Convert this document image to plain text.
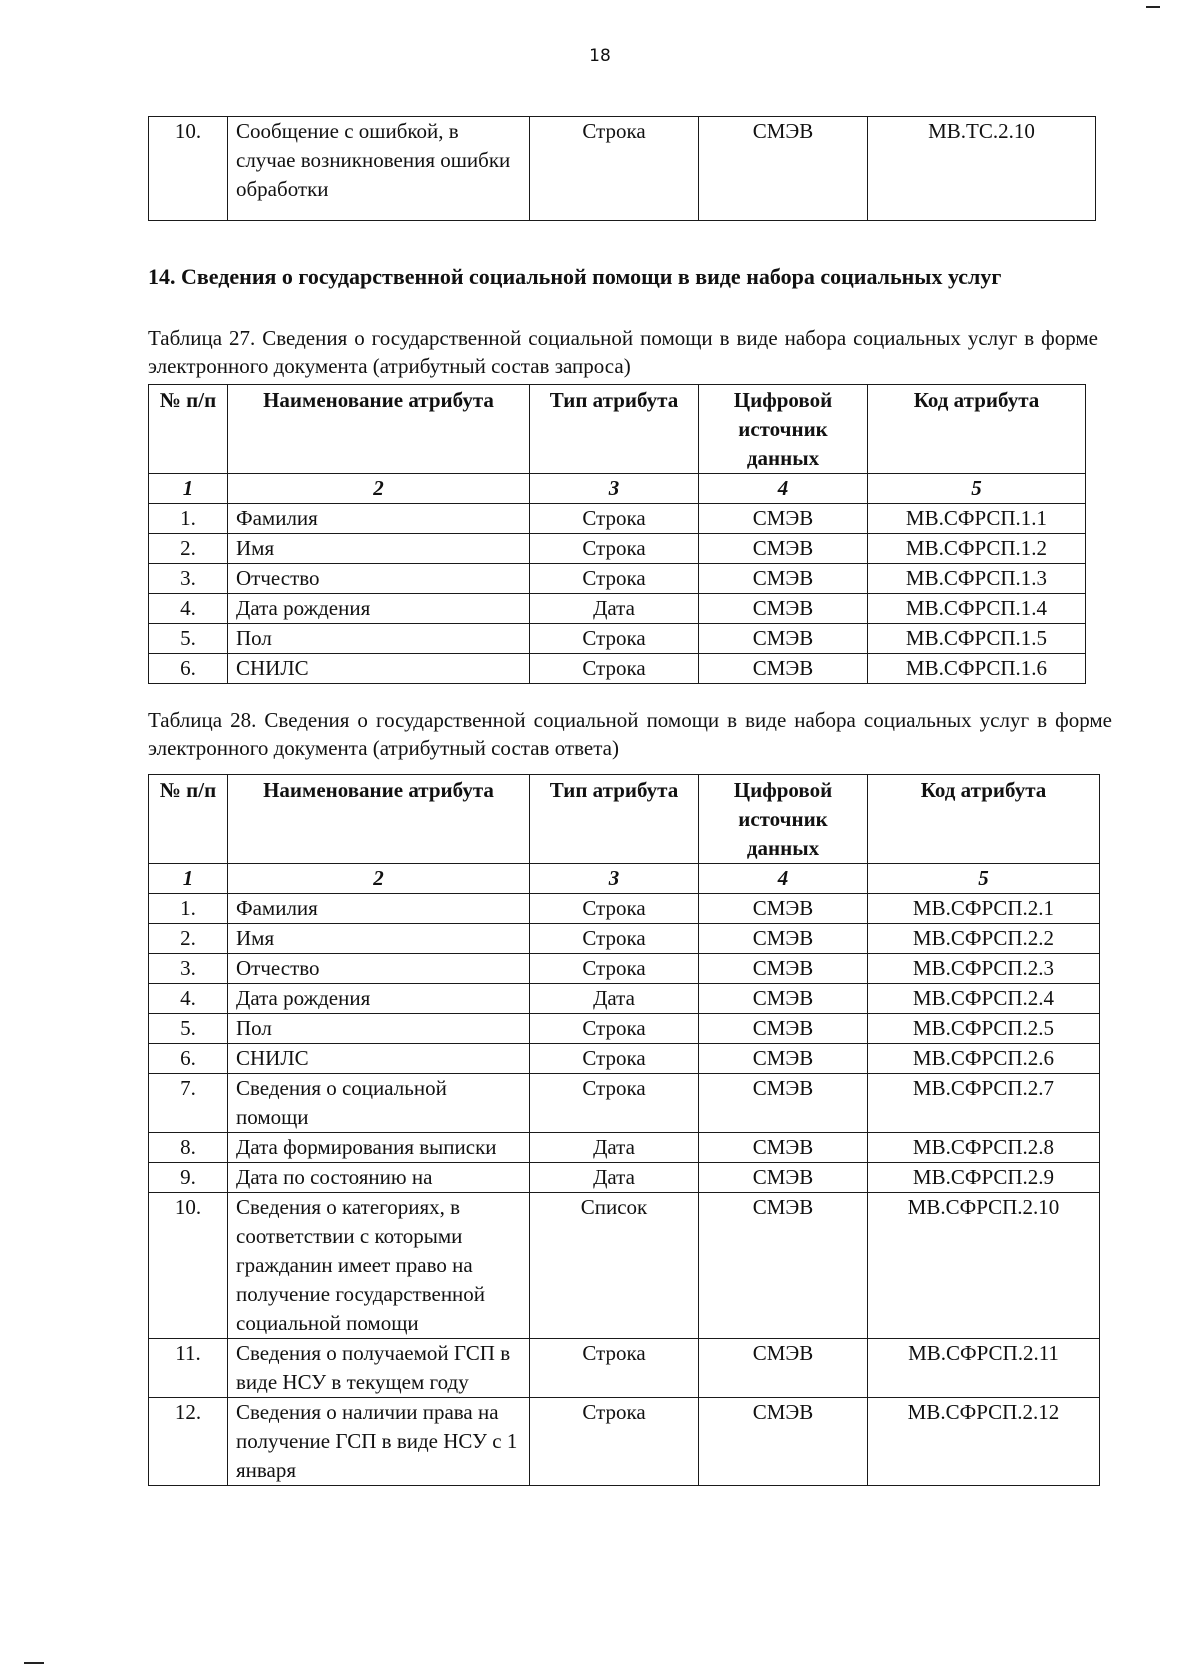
18
10.	Сообщение с ошибкой, в случае возникновения ошибки обработки	Строка	СМЭВ	MB.TC.2.10

14. Сведения о государственной социальной помощи в виде набора социальных услуг

Таблица 27. Сведения о государственной социальной помощи в виде набора социальных услуг в форме электронного документа (атрибутный состав запроса)

№ п/п	Наименование атрибута	Тип атрибута	Цифровой источник данных	Код атрибута
1	2	3	4	5
1.	Фамилия	Строка	СМЭВ	MB.СФРСП.1.1
2.	Имя	Строка	СМЭВ	MB.СФРСП.1.2
3.	Отчество	Строка	СМЭВ	MB.СФРСП.1.3
4.	Дата рождения	Дата	СМЭВ	MB.СФРСП.1.4
5.	Пол	Строка	СМЭВ	MB.СФРСП.1.5
6.	СНИЛС	Строка	СМЭВ	MB.СФРСП.1.6

Таблица 28. Сведения о государственной социальной помощи в виде набора социальных услуг в форме электронного документа (атрибутный состав ответа)

№ п/п	Наименование атрибута	Тип атрибута	Цифровой источник данных	Код атрибута
1	2	3	4	5
1.	Фамилия	Строка	СМЭВ	MB.СФРСП.2.1
2.	Имя	Строка	СМЭВ	MB.СФРСП.2.2
3.	Отчество	Строка	СМЭВ	MB.СФРСП.2.3
4.	Дата рождения	Дата	СМЭВ	MB.СФРСП.2.4
5.	Пол	Строка	СМЭВ	MB.СФРСП.2.5
6.	СНИЛС	Строка	СМЭВ	MB.СФРСП.2.6
7.	Сведения о социальной помощи	Строка	СМЭВ	MB.СФРСП.2.7
8.	Дата формирования выписки	Дата	СМЭВ	MB.СФРСП.2.8
9.	Дата по состоянию на	Дата	СМЭВ	MB.СФРСП.2.9
10.	Сведения о категориях, в соответствии с которыми гражданин имеет право на получение государственной социальной помощи	Список	СМЭВ	MB.СФРСП.2.10
11.	Сведения о получаемой ГСП в виде НСУ в текущем году	Строка	СМЭВ	MB.СФРСП.2.11
12.	Сведения о наличии права на получение ГСП в виде НСУ с 1 января	Строка	СМЭВ	MB.СФРСП.2.12
